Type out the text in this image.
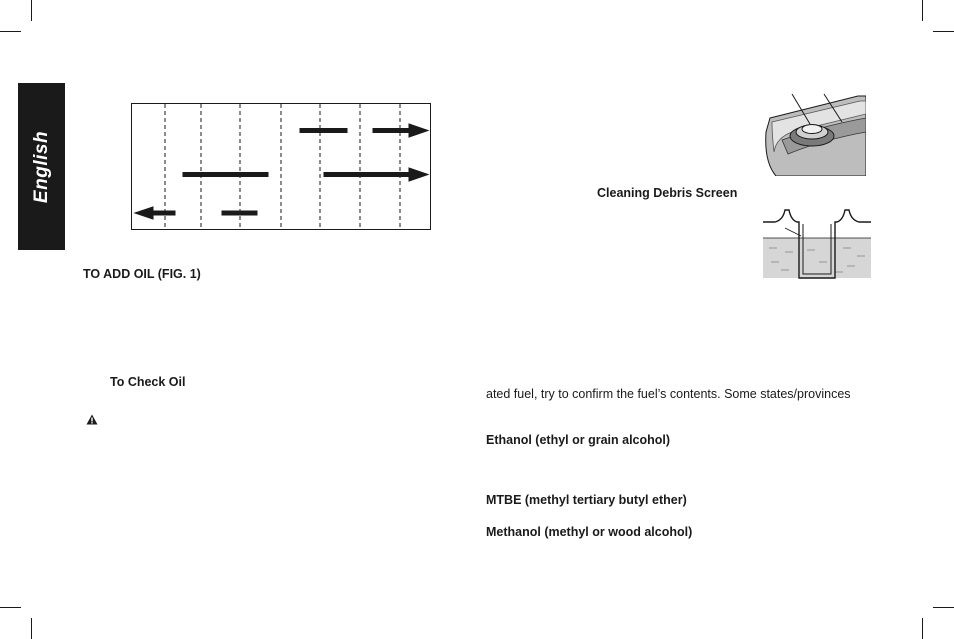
English
TO ADD OIL (FIG. 1)
To Check Oil
Cleaning Debris Screen
ated fuel, try to confirm the fuel’s contents. Some states/provinces
Ethanol (ethyl or grain alcohol)
MTBE (methyl tertiary butyl ether)
Methanol (methyl or wood alcohol)
